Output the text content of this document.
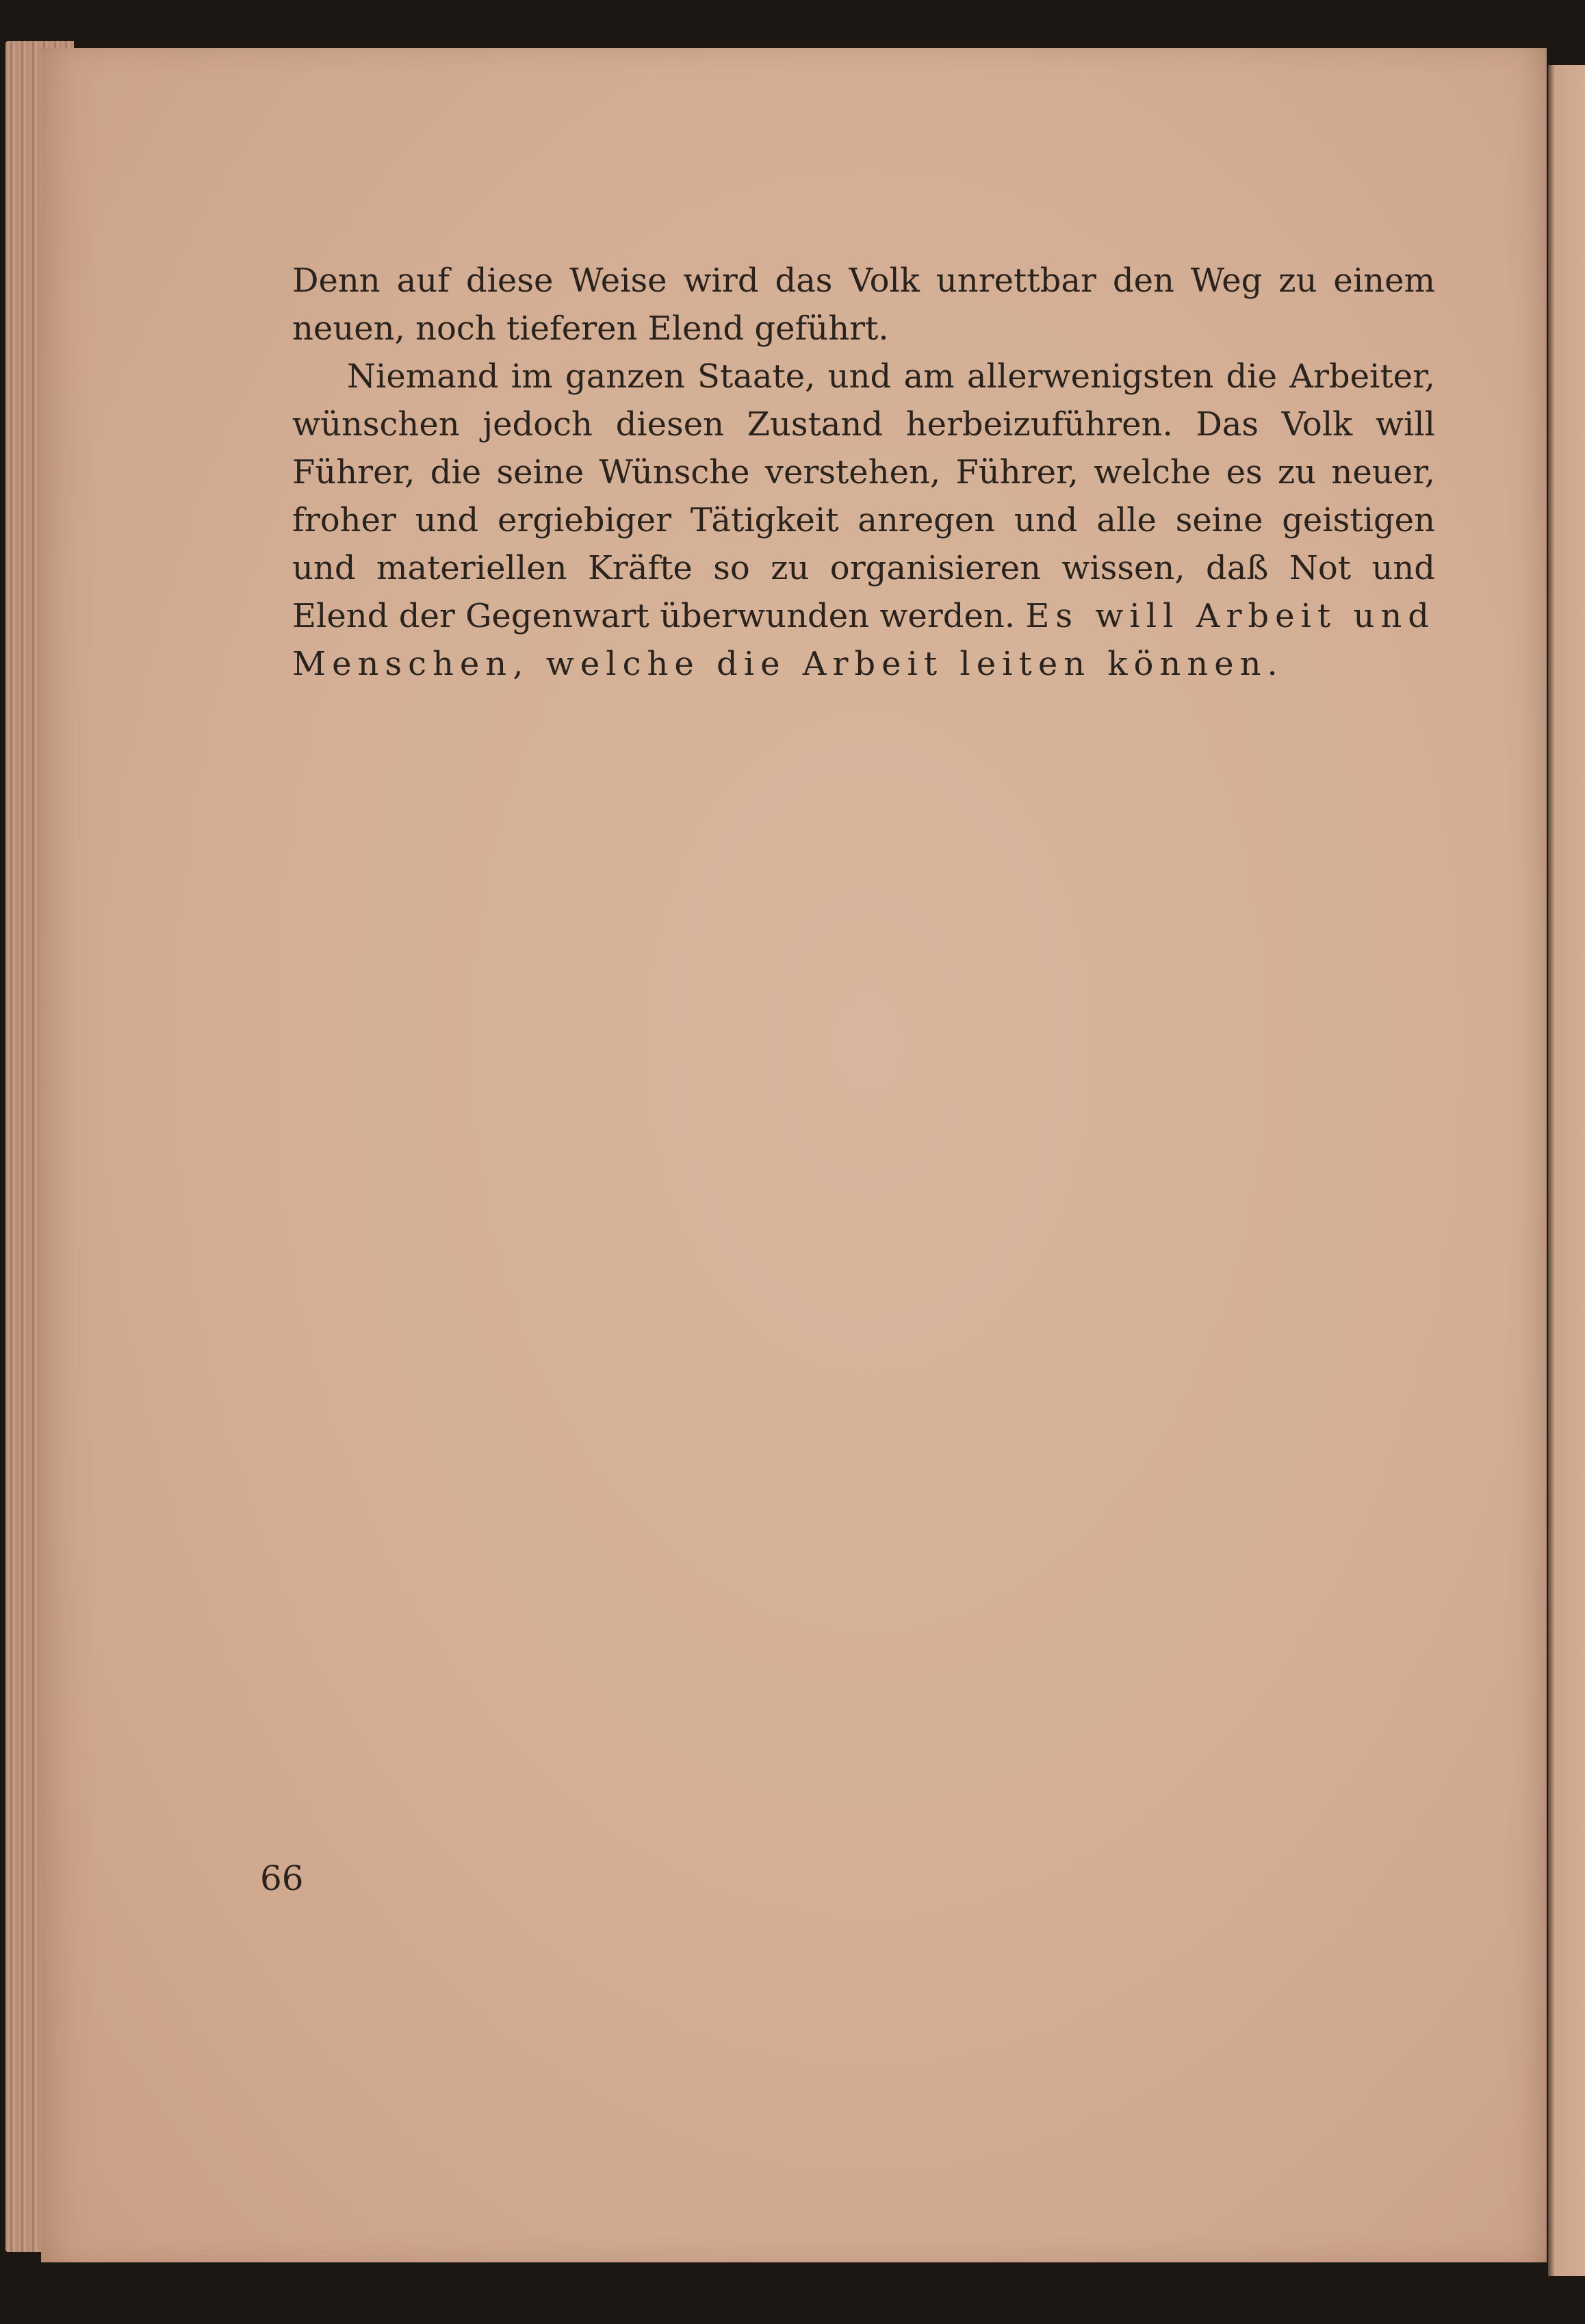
Denn auf diese Weise wird das Volk unrettbar den Weg zu einem neuen, noch tieferen Elend geführt.

Niemand im ganzen Staate, und am allerwenigsten die Arbeiter, wünschen jedoch diesen Zustand herbeizuführen. Das Volk will Führer, die seine Wünsche verstehen, Führer, welche es zu neuer, froher und ergiebiger Tätigkeit anregen und alle seine geistigen und materiellen Kräfte so zu organisieren wissen, daß Not und Elend der Gegenwart überwunden werden. Es will Arbeit und Menschen, welche die Arbeit leiten können.

66
